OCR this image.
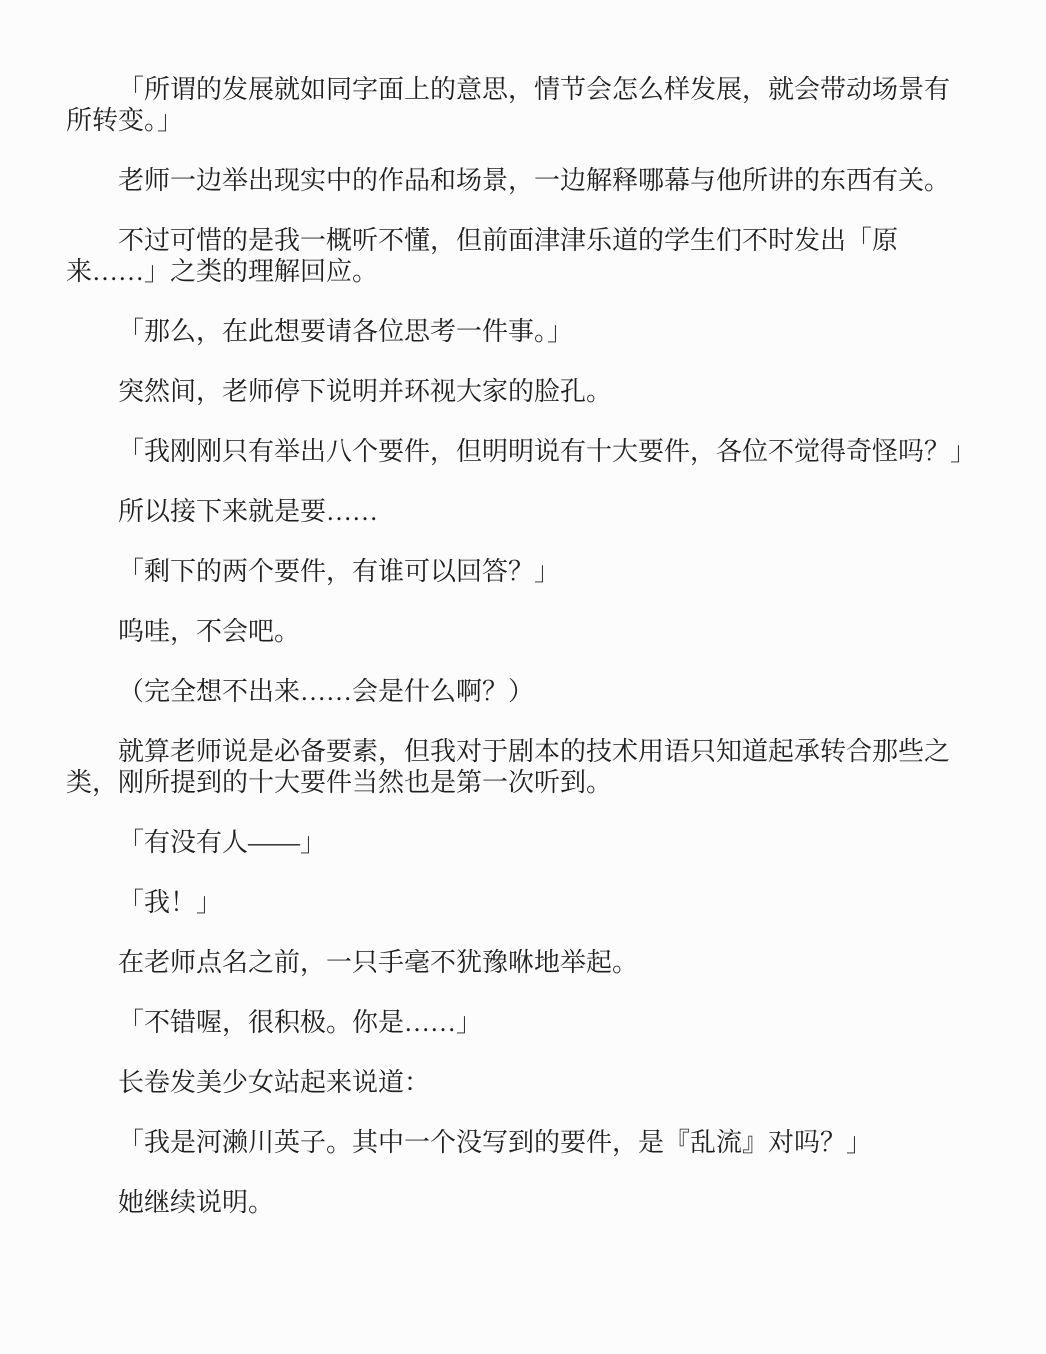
「所谓的发展就如同字面上的意思，情节会怎么样发展，就会带动场景有所转变。」

老师一边举出现实中的作品和场景，一边解释哪幕与他所讲的东西有关。

不过可惜的是我一概听不懂，但前面津津乐道的学生们不时发出「原来……」之类的理解回应。

「那么，在此想要请各位思考一件事。」

突然间，老师停下说明并环视大家的脸孔。

「我刚刚只有举出八个要件，但明明说有十大要件，各位不觉得奇怪吗？」

所以接下来就是要……

「剩下的两个要件，有谁可以回答？」

呜哇，不会吧。

（完全想不出来……会是什么啊？）

就算老师说是必备要素，但我对于剧本的技术用语只知道起承转合那些之类，刚所提到的十大要件当然也是第一次听到。

「有没有人——」

「我！」

在老师点名之前，一只手毫不犹豫咻地举起。

「不错喔，很积极。你是……」

长卷发美少女站起来说道：

「我是河濑川英子。其中一个没写到的要件，是『乱流』对吗？」

她继续说明。
